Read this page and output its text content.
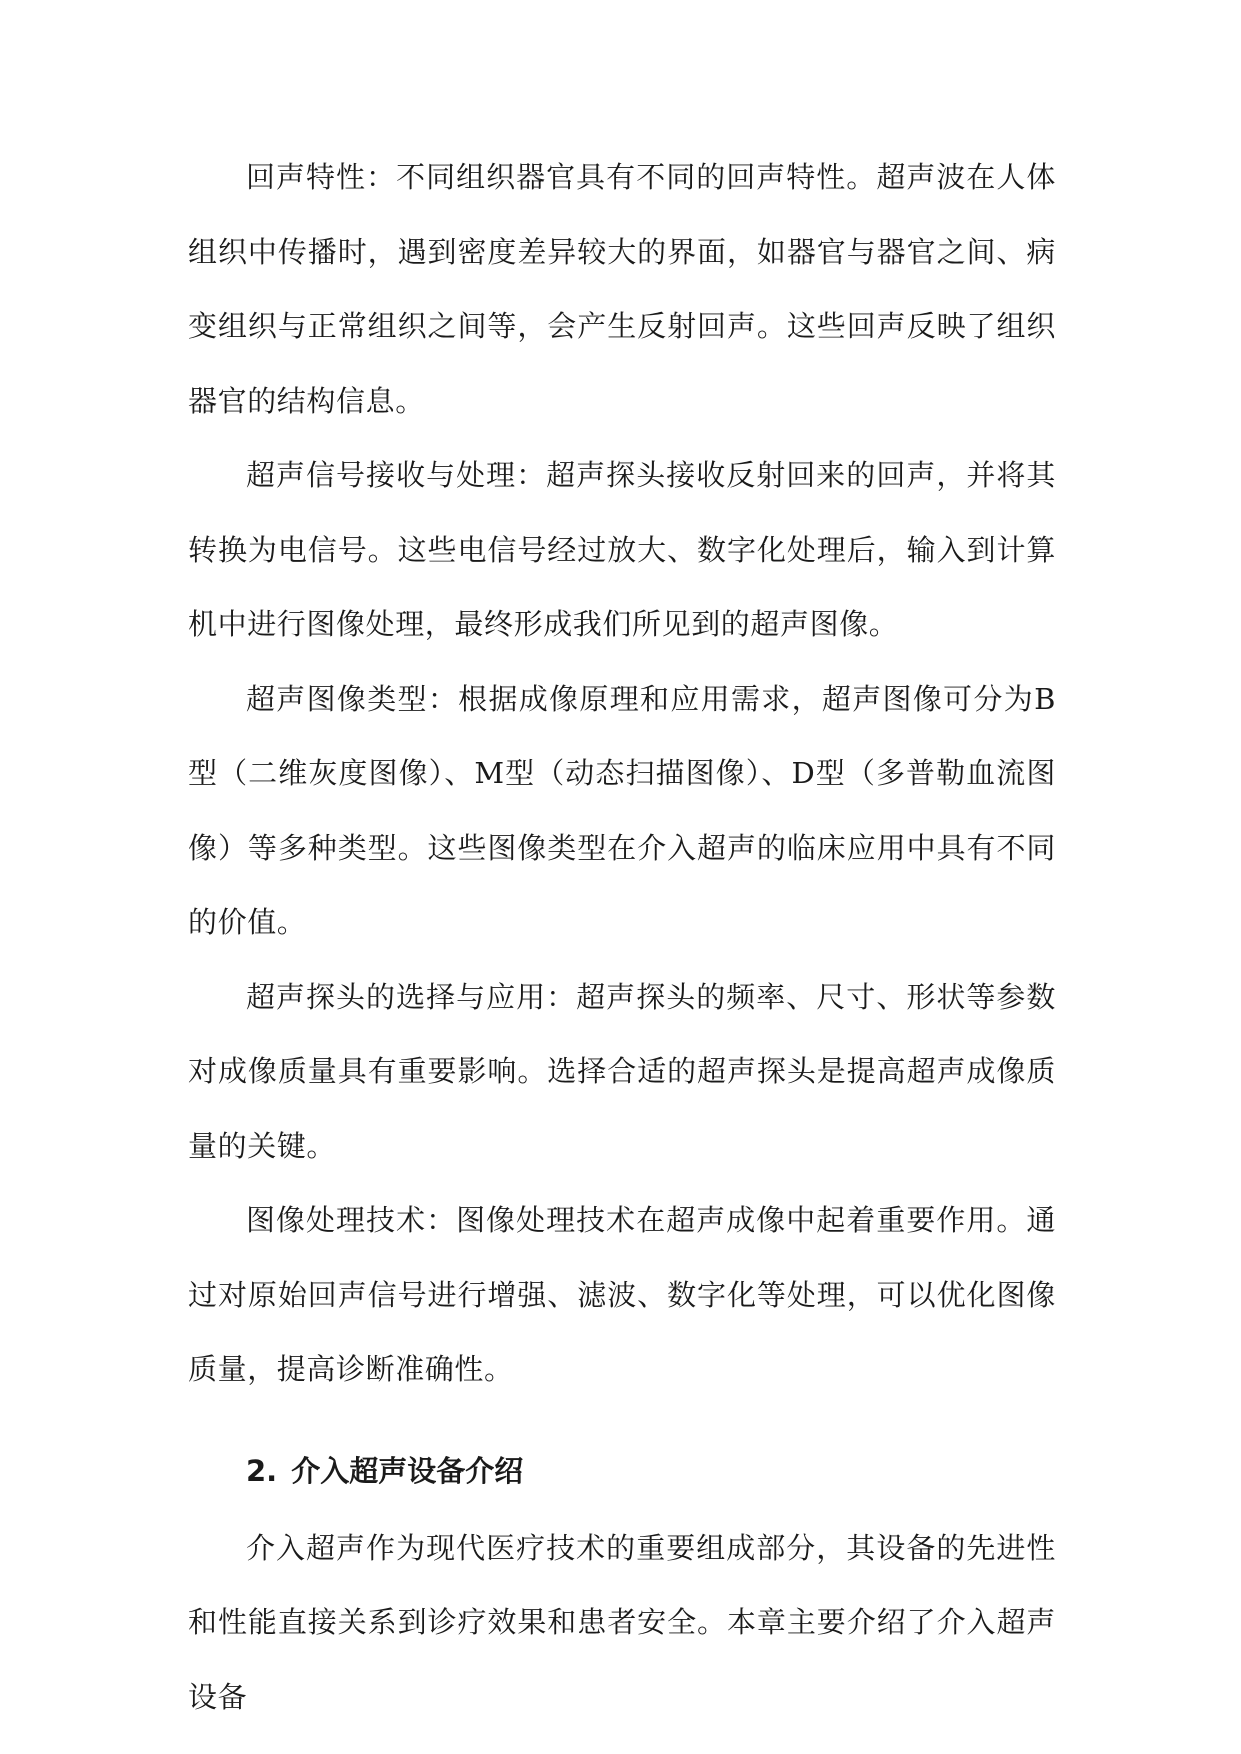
回声特性：不同组织器官具有不同的回声特性。超声波在人体组织中传播时，遇到密度差异较大的界面，如器官与器官之间、病变组织与正常组织之间等，会产生反射回声。这些回声反映了组织器官的结构信息。

超声信号接收与处理：超声探头接收反射回来的回声，并将其转换为电信号。这些电信号经过放大、数字化处理后，输入到计算机中进行图像处理，最终形成我们所见到的超声图像。

超声图像类型：根据成像原理和应用需求，超声图像可分为B型（二维灰度图像）、M型（动态扫描图像）、D型（多普勒血流图像）等多种类型。这些图像类型在介入超声的临床应用中具有不同的价值。

超声探头的选择与应用：超声探头的频率、尺寸、形状等参数对成像质量具有重要影响。选择合适的超声探头是提高超声成像质量的关键。

图像处理技术：图像处理技术在超声成像中起着重要作用。通过对原始回声信号进行增强、滤波、数字化等处理，可以优化图像质量，提高诊断准确性。

2. 介入超声设备介绍

介入超声作为现代医疗技术的重要组成部分，其设备的先进性和性能直接关系到诊疗效果和患者安全。本章主要介绍了介入超声设备
